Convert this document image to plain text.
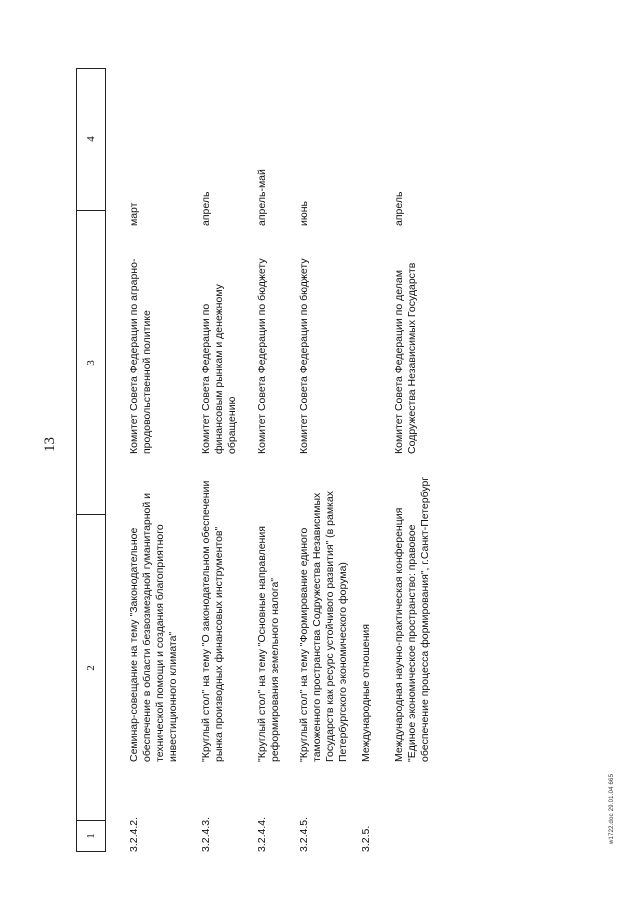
13
1
2
3
4
3.2.4.2.
Семинар-совещание на тему "Законодательное обеспечение в области безвозмездной гуманитарной и технической помощи и создания благоприятного инвестиционного климата"
Комитет Совета Федерации по аграрно-продовольственной политике
март
3.2.4.3.
"Круглый стол" на тему "О законодательном обеспечении рынка производных финансовых инструментов"
Комитет Совета Федерации по финансовым рынкам и денежному обращению
апрель
3.2.4.4.
"Круглый стол" на тему "Основные направления реформирования земельного налога"
Комитет Совета Федерации по бюджету
апрель-май
3.2.4.5.
"Круглый стол" на тему "Формирование единого таможенного пространства Содружества Независимых Государств как ресурс устойчивого развития" (в рамках Петербургского экономического форума)
Комитет Совета Федерации по бюджету
июнь
3.2.5.
Международные отношения Международная научно-практическая конференция "Единое экономическое пространство: правовое обеспечение процесса формирования", г.Санкт-Петербург
Комитет Совета Федерации по делам Содружества Независимых Государств
апрель
w1722.doc 29.01.04 665
